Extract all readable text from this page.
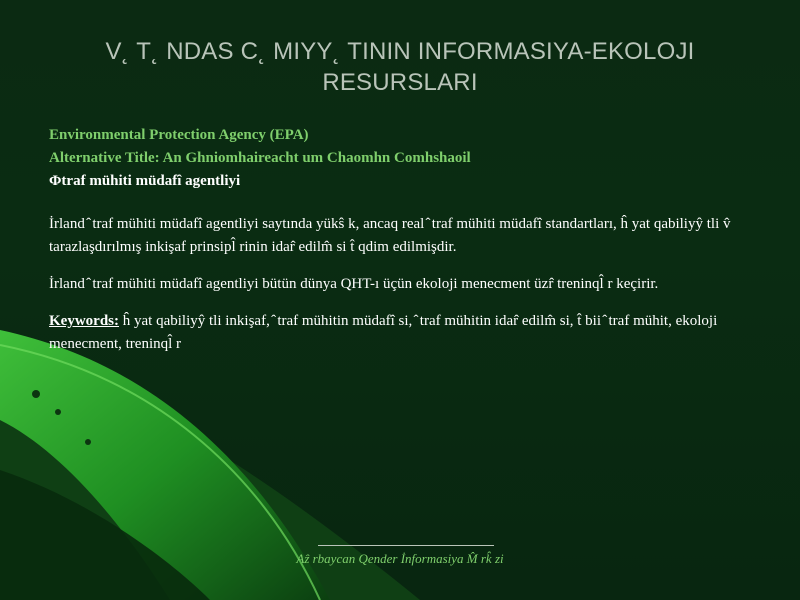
V˛ T˛ NDAS C˛ MIYY˛ TININ INFORMASIYA-EKOLOJI
RESURSLARI
Environmental Protection Agency (EPA)
Alternative Title: An Ghniomhaireacht um Chaomhn Comhshaoil
Φtraf mühiti müdafî agentliyi
İrland ̂ traf mühiti müdafî agentliyi saytında yükŝ k, ancaq real ̂ traf mühiti müdafî standartları, ĥ yat qabiliyŷ tli v̂ tarazlaşdırılmış inkişaf prinsipl̂ rinin idar̂ edilm̂ si t̂ qdim edilmişdir.
İrland ̂ traf mühiti müdafî agentliyi bütün dünya QHT-ı üçün ekoloji menecment üzr̂ treninql̂ r keçirir.
Keywords: ĥ yat qabiliyŷ tli inkişaf, ̂ traf mühitin müdafî si, ̂ traf mühitin idar̂ edilm̂ si, t̂ bii ̂ traf mühit, ekoloji menecment, treninql̂ r
Aẑ rbaycan Qender İnformasiya M̂ rk̂ zi
